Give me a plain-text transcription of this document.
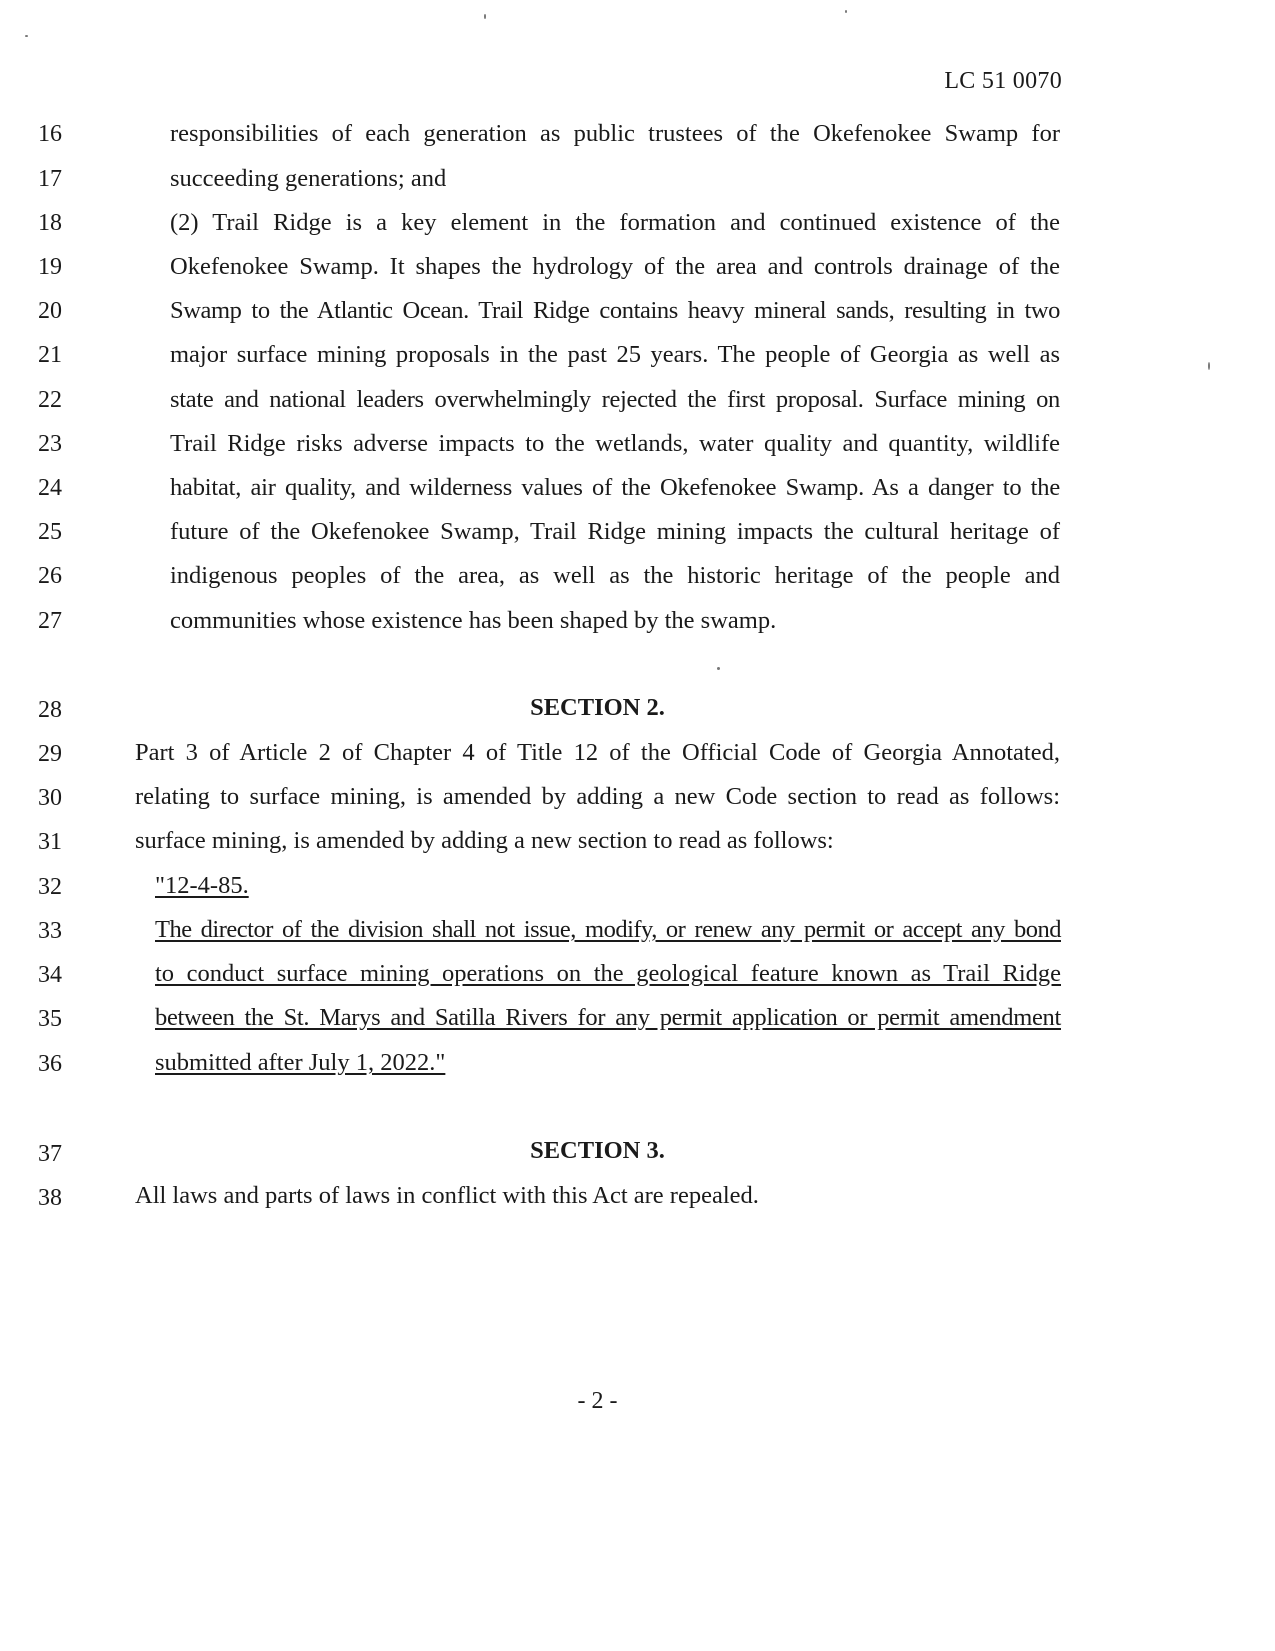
LC 51 0070
16	responsibilities of each generation as public trustees of the Okefenokee Swamp for
17	succeeding generations; and
18	(2) Trail Ridge is a key element in the formation and continued existence of the
19	Okefenokee Swamp. It shapes the hydrology of the area and controls drainage of the
20	Swamp to the Atlantic Ocean. Trail Ridge contains heavy mineral sands, resulting in two
21	major surface mining proposals in the past 25 years. The people of Georgia as well as
22	state and national leaders overwhelmingly rejected the first proposal. Surface mining on
23	Trail Ridge risks adverse impacts to the wetlands, water quality and quantity, wildlife
24	habitat, air quality, and wilderness values of the Okefenokee Swamp. As a danger to the
25	future of the Okefenokee Swamp, Trail Ridge mining impacts the cultural heritage of
26	indigenous peoples of the area, as well as the historic heritage of the people and
27	communities whose existence has been shaped by the swamp.
28	SECTION 2.
29	Part 3 of Article 2 of Chapter 4 of Title 12 of the Official Code of Georgia Annotated,
30	relating to surface mining, is amended by adding a new Code section to read as follows:
31	surface mining, is amended by adding a new section to read as follows:
32	"12-4-85.
33	The director of the division shall not issue, modify, or renew any permit or accept any bond
34	to conduct surface mining operations on the geological feature known as Trail Ridge
35	between the St. Marys and Satilla Rivers for any permit application or permit amendment
36	submitted after July 1, 2022."
37	SECTION 3.
38	All laws and parts of laws in conflict with this Act are repealed.
- 2 -
